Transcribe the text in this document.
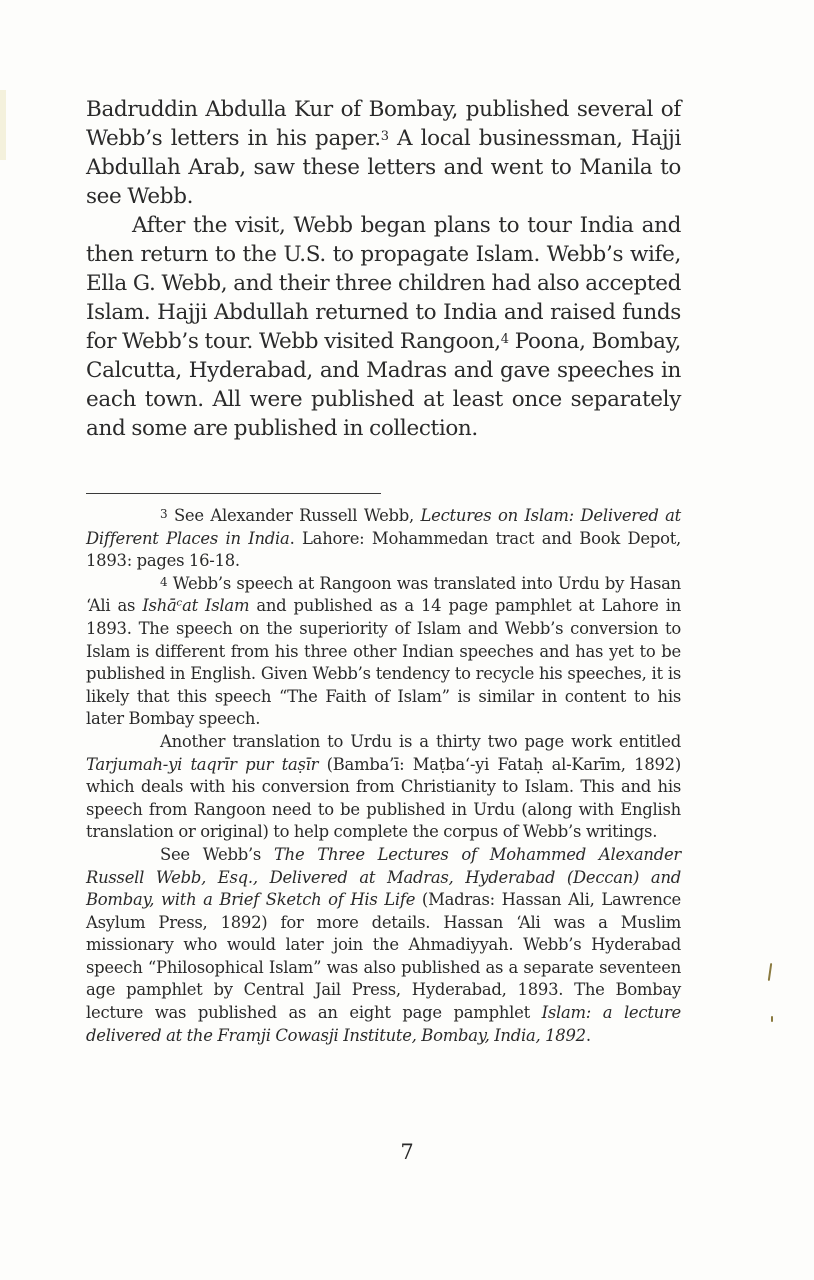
Badruddin Abdulla Kur of Bombay, published several of Webb’s letters in his paper.$^3$ A local businessman, Hajji Abdullah Arab, saw these letters and went to Manila to see Webb.

After the visit, Webb began plans to tour India and then return to the U.S. to propagate Islam. Webb’s wife, Ella G. Webb, and their three children had also accepted Islam. Hajji Abdullah returned to India and raised funds for Webb’s tour. Webb visited Rangoon,$^4$ Poona, Bombay, Calcutta, Hyderabad, and Madras and gave speeches in each town. All were published at least once separately and some are published in collection.

3 See Alexander Russell Webb, Lectures on Islam: Delivered at Different Places in India. Lahore: Mohammedan tract and Book Depot, 1893: pages 16-18.

4 Webb’s speech at Rangoon was translated into Urdu by Hasan ‘Ali as Ishāᶜat Islam and published as a 14 page pamphlet at Lahore in 1893. The speech on the superiority of Islam and Webb’s conversion to Islam is different from his three other Indian speeches and has yet to be published in English. Given Webb’s tendency to recycle his speeches, it is likely that this speech “The Faith of Islam” is similar in content to his later Bombay speech.

Another translation to Urdu is a thirty two page work entitled Tarjumah-yi taqrīr pur taṣīr (Bamba’ī: Maṭba‘-yi Fataḥ al-Karīm, 1892) which deals with his conversion from Christianity to Islam. This and his speech from Rangoon need to be published in Urdu (along with English translation or original) to help complete the corpus of Webb’s writings.

See Webb’s The Three Lectures of Mohammed Alexander Russell Webb, Esq., Delivered at Madras, Hyderabad (Deccan) and Bombay, with a Brief Sketch of His Life (Madras: Hassan Ali, Lawrence Asylum Press, 1892) for more details. Hassan ‘Ali was a Muslim missionary who would later join the Ahmadiyyah. Webb’s Hyderabad speech “Philosophical Islam” was also published as a separate seventeen age pamphlet by Central Jail Press, Hyderabad, 1893. The Bombay lecture was published as an eight page pamphlet Islam: a lecture delivered at the Framji Cowasji Institute, Bombay, India, 1892.

7
